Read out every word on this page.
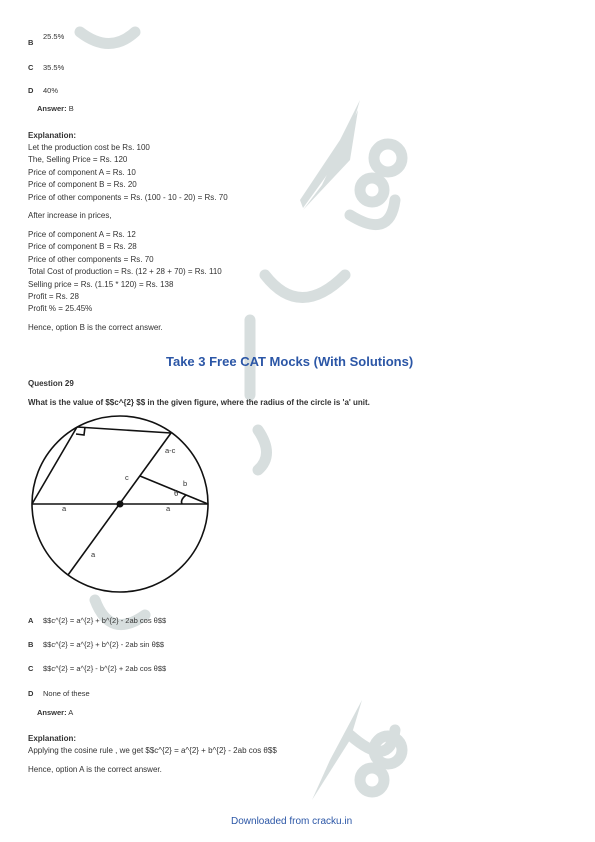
B
25.5%
C 35.5%
D 40%
Answer: B
Explanation:
Let the production cost be Rs. 100
The, Selling Price = Rs. 120
Price of component A = Rs. 10
Price of component B = Rs. 20
Price of other components = Rs. (100 - 10 - 20) = Rs. 70
After increase in prices,
Price of component A = Rs. 12
Price of component B = Rs. 28
Price of other components = Rs. 70
Total Cost of production = Rs. (12 + 28 + 70) = Rs. 110
Selling price = Rs. (1.15 * 120) = Rs. 138
Profit = Rs. 28
Profit % = 25.45%
Hence, option B is the correct answer.
Take 3 Free CAT Mocks (With Solutions)
Question 29
What is the value of $$c^{2} $$ in the given figure, where the radius of the circle is 'a' unit.
a	a
a
c
b
a-c
θ
A $$c^{2} = a^{2} + b^{2} - 2ab cos θ$$
B $$c^{2} = a^{2} + b^{2} - 2ab sin θ$$
C $$c^{2} = a^{2} - b^{2} + 2ab cos θ$$
D None of these
Answer: A
Explanation:
Applying the cosine rule , we get $$c^{2} = a^{2} + b^{2} - 2ab cos θ$$
Hence, option A is the correct answer.
Downloaded from cracku.in
